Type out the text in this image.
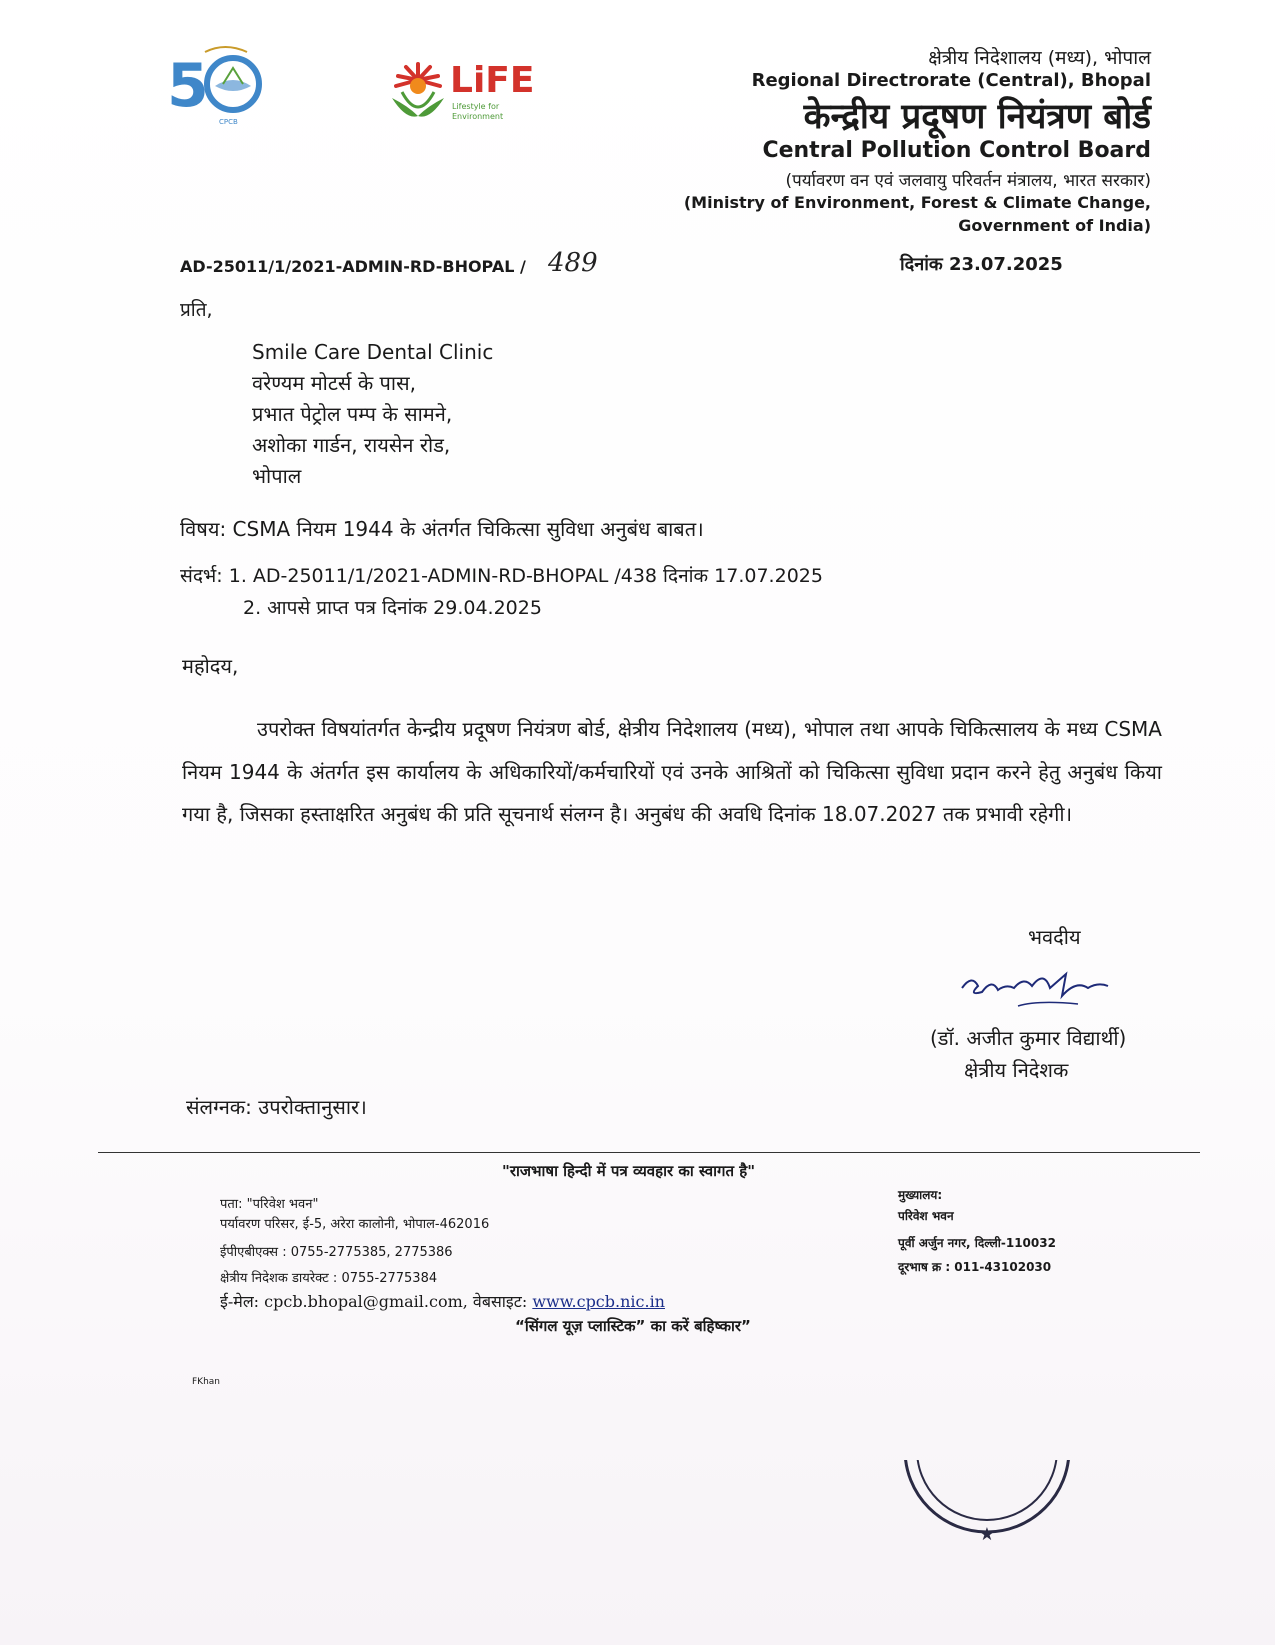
5
CPCB
LiFE
Lifestyle for
Environment
क्षेत्रीय निदेशालय (मध्य), भोपाल
Regional Directrorate (Central), Bhopal
केन्द्रीय प्रदूषण नियंत्रण बोर्ड
Central Pollution Control Board
(पर्यावरण वन एवं जलवायु परिवर्तन मंत्रालय, भारत सरकार)
(Ministry of Environment, Forest & Climate Change,
Government of India)
AD-25011/1/2021-ADMIN-RD-BHOPAL / 489	दिनांक 23.07.2025
प्रति,
Smile Care Dental Clinic
वरेण्यम मोटर्स के पास,
प्रभात पेट्रोल पम्प के सामने,
अशोका गार्डन, रायसेन रोड,
भोपाल
विषय: CSMA नियम 1944 के अंतर्गत चिकित्सा सुविधा अनुबंध बाबत।
संदर्भ: 1. AD-25011/1/2021-ADMIN-RD-BHOPAL /438 दिनांक 17.07.2025
2. आपसे प्राप्त पत्र दिनांक 29.04.2025
महोदय,
उपरोक्त विषयांतर्गत केन्द्रीय प्रदूषण नियंत्रण बोर्ड, क्षेत्रीय निदेशालय (मध्य), भोपाल तथा आपके चिकित्सालय के मध्य CSMA नियम 1944 के अंतर्गत इस कार्यालय के अधिकारियों/कर्मचारियों एवं उनके आश्रितों को चिकित्सा सुविधा प्रदान करने हेतु अनुबंध किया गया है, जिसका हस्ताक्षरित अनुबंध की प्रति सूचनार्थ संलग्न है। अनुबंध की अवधि दिनांक 18.07.2027 तक प्रभावी रहेगी।
भवदीय
(डॉ. अजीत कुमार विद्यार्थी)
क्षेत्रीय निदेशक
संलग्नक: उपरोक्तानुसार।
"राजभाषा हिन्दी में पत्र व्यवहार का स्वागत है"
पता: "परिवेश भवन"
पर्यावरण परिसर, ई-5, अरेरा कालोनी, भोपाल-462016
ईपीएबीएक्स : 0755-2775385, 2775386
क्षेत्रीय निदेशक डायरेक्ट : 0755-2775384
ई-मेल: cpcb.bhopal@gmail.com, वेबसाइट: www.cpcb.nic.in
“सिंगल यूज़ प्लास्टिक” का करें बहिष्कार”
मुख्यालय:
परिवेश भवन
पूर्वी अर्जुन नगर, दिल्ली-110032
दूरभाष क्र : 011-43102030
FKhan
★
